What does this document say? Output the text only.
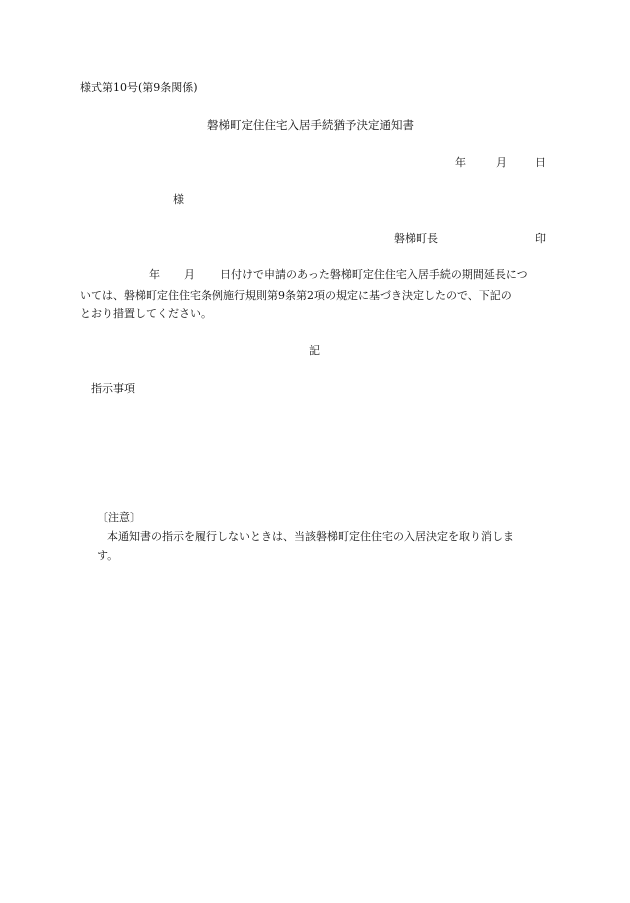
様式第10号(第9条関係)
磐梯町定住住宅入居手続猶予決定通知書
年	月	日
様
磐梯町長	印
年 月 日付けで申請のあった磐梯町定住住宅入居手続の期間延長につ
いては、磐梯町定住住宅条例施行規則第9条第2項の規定に基づき決定したので、下記の
とおり措置してください。
記
指示事項
〔注意〕
本通知書の指示を履行しないときは、当該磐梯町定住住宅の入居決定を取り消しま
す。
